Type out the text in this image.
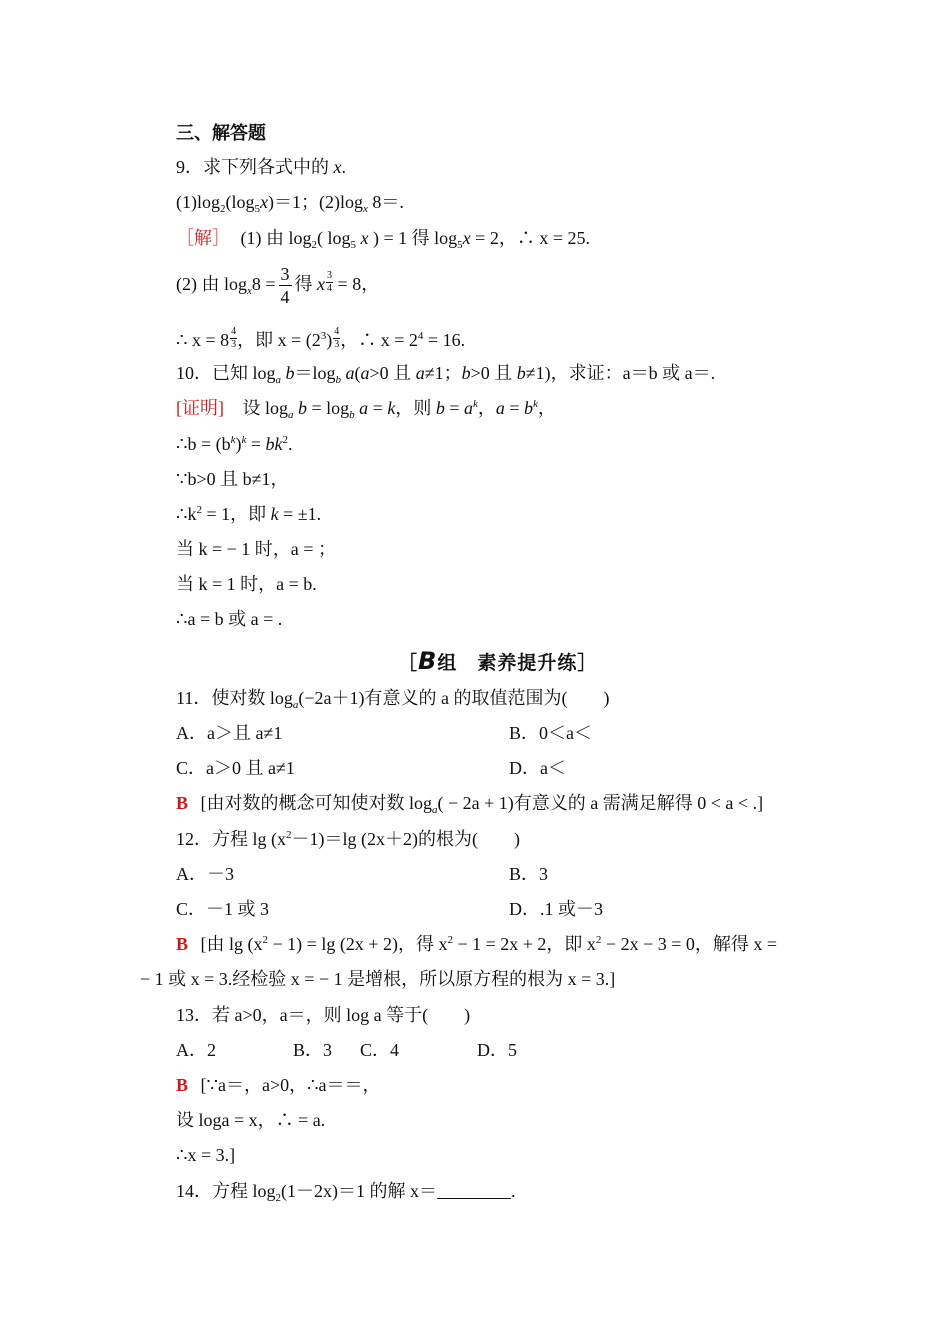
三、解答题
9．求下列各式中的 x.
$(1)\log_2(\log_5x)=1$；$(2)\log_x$ 8＝.
［解］ (1) 由 $\log_2$( $\log_5 x$ ) = 1 得 $\log_5x = 2$，∴ x = 25.
(2) 由 $\log_x8 = \frac{3}{4}$ 得 x $\frac{3}{4} = 8$，
∴ $x = 8 \frac{4}{3}$ ，即 $x = (2^3) \frac{4}{3}$ ，∴ $x = 2^4 = 16$.
10．已知 $\log_a b=\log_b$ a(a>0 且 a≠1；b>0 且 b≠1)，求证：a＝b 或 a＝.
[证明] 设 $\log_a b = \log_b a = k$，则 $b = a^k$，$a = b^k$，
∴b = $(b^k)^k = bk^2$.
∵b>0 且 b≠1，
$\therefore k^2 = 1$，即 k = ±1.
当 k = − 1 时，a = ；
当 k = 1 时，a = b.
∴a = b 或 a = .
［B组　素养提升练］
11．使对数 $\log_a(-2a+1)$有意义的 a 的取值范围为(　　)
A．a＞且 a≠1	B．0＜a＜
C．a＞0 且 a≠1	D．a＜
B [由对数的概念可知使对数 $\log_a( - 2a + 1)$有意义的 a 需满足解得 0 < a < .]
12．方程 $\lg (x^2-1)=\lg$ (2x＋2)的根为(　　)
A．－3	B．3
C．－1 或 3	D．.1 或－3
B [由 $\lg (x^2 - 1) = \lg (2x + 2)$，得 $x^2 - 1 = 2x + 2$，即 $x^2 - 2x - 3 = 0$，解得 x =
− 1 或 x = 3.经检验 x = − 1 是增根，所以原方程的根为 x = 3.]
13．若 a>0，a＝，则 log a 等于(　　)
A．2	B．3 C．4	D．5
B [∵a＝，a>0，∴a＝＝，
设 loga = x，∴ = a.
∴x = 3.]
14．方程 $\log_2(1-2x)=1$ 的解 x＝	.
